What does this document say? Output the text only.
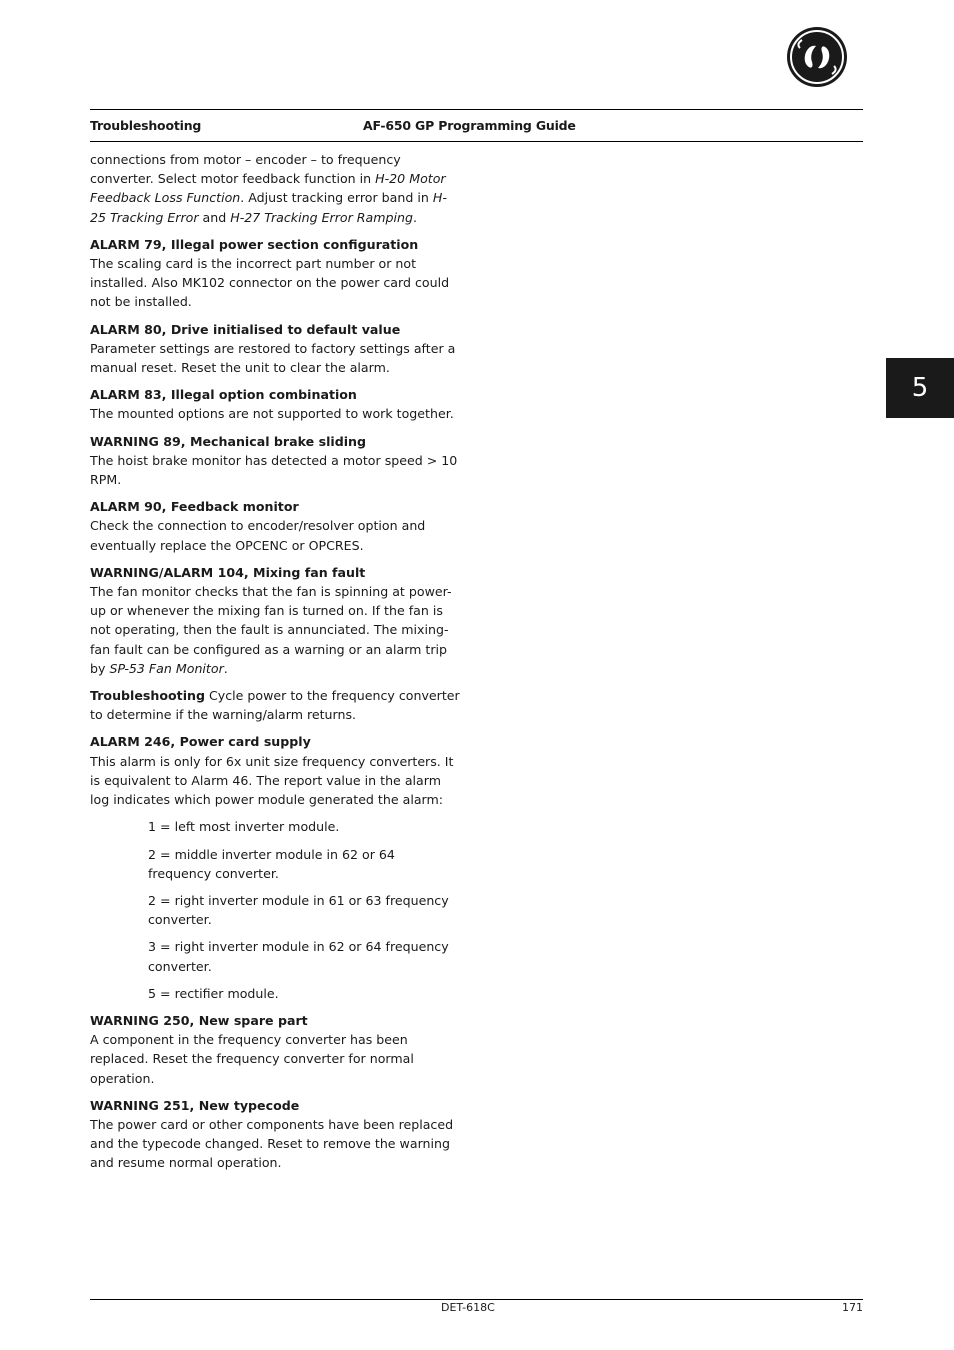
Troubleshooting	AF-650 GP Programming Guide
5

connections from motor – encoder – to frequency converter. Select motor feedback function in H-20 Motor Feedback Loss Function. Adjust tracking error band in H-25 Tracking Error and H-27 Tracking Error Ramping.

ALARM 79, Illegal power section configuration
The scaling card is the incorrect part number or not installed. Also MK102 connector on the power card could not be installed.

ALARM 80, Drive initialised to default value
Parameter settings are restored to factory settings after a manual reset. Reset the unit to clear the alarm.

ALARM 83, Illegal option combination
The mounted options are not supported to work together.

WARNING 89, Mechanical brake sliding
The hoist brake monitor has detected a motor speed > 10 RPM.

ALARM 90, Feedback monitor
Check the connection to encoder/resolver option and eventually replace the OPCENC or OPCRES.

WARNING/ALARM 104, Mixing fan fault
The fan monitor checks that the fan is spinning at power-up or whenever the mixing fan is turned on. If the fan is not operating, then the fault is annunciated. The mixing-fan fault can be configured as a warning or an alarm trip by SP-53 Fan Monitor.

Troubleshooting Cycle power to the frequency converter to determine if the warning/alarm returns.

ALARM 246, Power card supply
This alarm is only for 6x unit size frequency converters. It is equivalent to Alarm 46. The report value in the alarm log indicates which power module generated the alarm:

1 = left most inverter module.

2 = middle inverter module in 62 or 64 frequency converter.

2 = right inverter module in 61 or 63 frequency converter.

3 = right inverter module in 62 or 64 frequency converter.

5 = rectifier module.

WARNING 250, New spare part
A component in the frequency converter has been replaced. Reset the frequency converter for normal operation.

WARNING 251, New typecode
The power card or other components have been replaced and the typecode changed. Reset to remove the warning and resume normal operation.

DET-618C	171
